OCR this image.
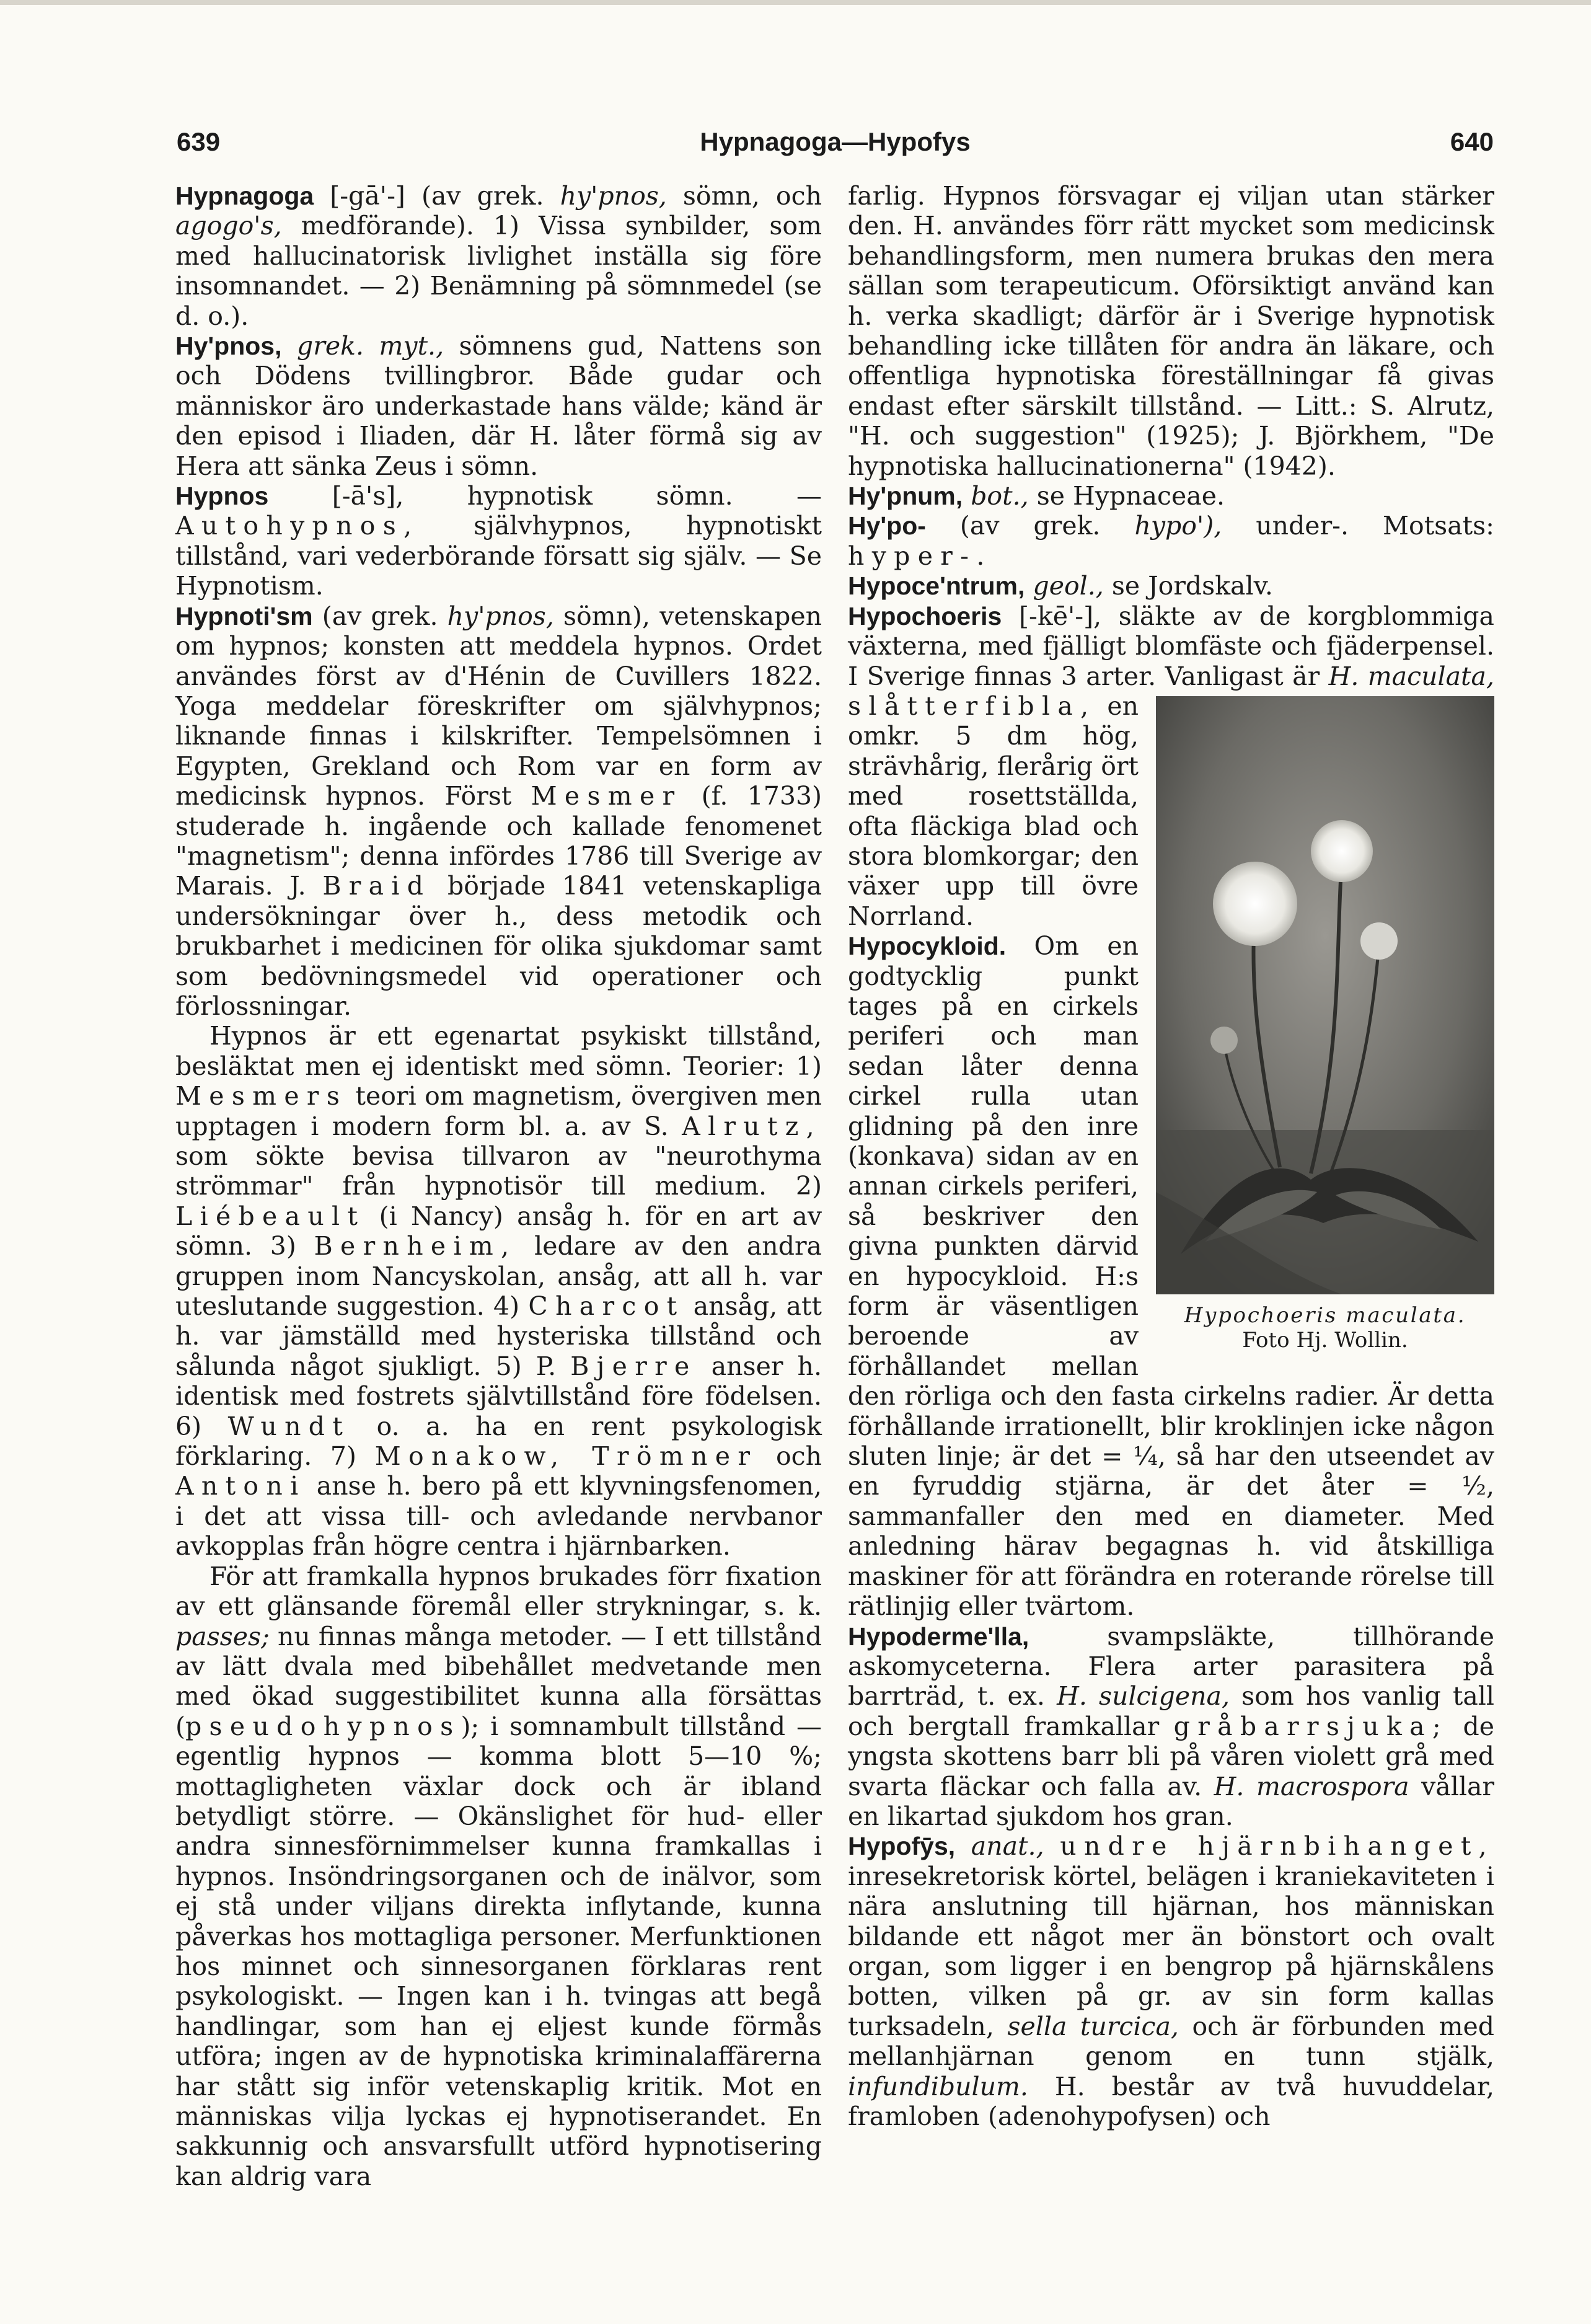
639	Hypnagoga—Hypofys	640

Hypnagoga [-gā'-] (av grek. hy'pnos, sömn, och agogo's, medförande). 1) Vissa synbilder, som med hallucinatorisk livlighet inställa sig före insomnandet. — 2) Benämning på sömnmedel (se d. o.).

Hy'pnos, grek. myt., sömnens gud, Nattens son och Dödens tvillingbror. Både gudar och människor äro underkastade hans välde; känd är den episod i Iliaden, där H. låter förmå sig av Hera att sänka Zeus i sömn.

Hypnos [-ā's], hypnotisk sömn. — Autohypnos, självhypnos, hypnotiskt tillstånd, vari vederbörande försatt sig själv. — Se Hypnotism.

Hypnoti'sm (av grek. hy'pnos, sömn), vetenskapen om hypnos; konsten att meddela hypnos. Ordet användes först av d'Hénin de Cuvillers 1822. Yoga meddelar föreskrifter om självhypnos; liknande finnas i kilskrifter. Tempelsömnen i Egypten, Grekland och Rom var en form av medicinsk hypnos. Först Mesmer (f. 1733) studerade h. ingående och kallade fenomenet "magnetism"; denna infördes 1786 till Sverige av Marais. J. Braid började 1841 vetenskapliga undersökningar över h., dess metodik och brukbarhet i medicinen för olika sjukdomar samt som bedövningsmedel vid operationer och förlossningar.

Hypnos är ett egenartat psykiskt tillstånd, besläktat men ej identiskt med sömn. Teorier: 1) Mesmers teori om magnetism, övergiven men upptagen i modern form bl. a. av S. Alrutz, som sökte bevisa tillvaron av "neurothyma strömmar" från hypnotisör till medium. 2) Liébeault (i Nancy) ansåg h. för en art av sömn. 3) Bernheim, ledare av den andra gruppen inom Nancyskolan, ansåg, att all h. var uteslutande suggestion. 4) Charcot ansåg, att h. var jämställd med hysteriska tillstånd och sålunda något sjukligt. 5) P. Bjerre anser h. identisk med fostrets självtillstånd före födelsen. 6) Wundt o. a. ha en rent psykologisk förklaring. 7) Monakow, Trömner och Antoni anse h. bero på ett klyvningsfenomen, i det att vissa till- och avledande nervbanor avkopplas från högre centra i hjärnbarken.

För att framkalla hypnos brukades förr fixation av ett glänsande föremål eller strykningar, s. k. passes; nu finnas många metoder. — I ett tillstånd av lätt dvala med bibehållet medvetande men med ökad suggestibilitet kunna alla försättas (pseudohypnos); i somnambult tillstånd — egentlig hypnos — komma blott 5—10 %; mottagligheten växlar dock och är ibland betydligt större. — Okänslighet för hud- eller andra sinnesförnimmelser kunna framkallas i hypnos. Insöndringsorganen och de inälvor, som ej stå under viljans direkta inflytande, kunna påverkas hos mottagliga personer. Merfunktionen hos minnet och sinnesorganen förklaras rent psykologiskt. — Ingen kan i h. tvingas att begå handlingar, som han ej eljest kunde förmås utföra; ingen av de hypnotiska kriminalaffärerna har stått sig inför vetenskaplig kritik. Mot en människas vilja lyckas ej hypnotiserandet. En sakkunnig och ansvarsfullt utförd hypnotisering kan aldrig vara

farlig. Hypnos försvagar ej viljan utan stärker den. H. användes förr rätt mycket som medicinsk behandlingsform, men numera brukas den mera sällan som terapeuticum. Oförsiktigt använd kan h. verka skadligt; därför är i Sverige hypnotisk behandling icke tillåten för andra än läkare, och offentliga hypnotiska föreställningar få givas endast efter särskilt tillstånd. — Litt.: S. Alrutz, "H. och suggestion" (1925); J. Björkhem, "De hypnotiska hallucinationerna" (1942).

Hy'pnum, bot., se Hypnaceae.

Hy'po- (av grek. hypo'), under-. Motsats: hyper-.

Hypoce'ntrum, geol., se Jordskalv.

Hypochoeris [-kē'-], släkte av de korgblommiga växterna, med fjälligt blomfäste och fjäderpensel. I Sverige finnas 3 arter. Vanligast är H. maculata,
Hypochoeris maculata.
Foto Hj. Wollin.
slåtterfibla, en omkr. 5 dm hög, strävhårig, flerårig ört med rosettställda, ofta fläckiga blad och stora blomkorgar; den växer upp till övre Norrland.

Hypocykloid. Om en godtycklig punkt tages på en cirkels periferi och man sedan låter denna cirkel rulla utan glidning på den inre (konkava) sidan av en annan cirkels periferi, så beskriver den givna punkten därvid en hypocykloid. H:s form är väsentligen beroende av förhållandet mellan den rörliga och den fasta cirkelns radier. Är detta förhållande irrationellt, blir kroklinjen icke någon sluten linje; är det = ¼, så har den utseendet av en fyruddig stjärna, är det åter = ½, sammanfaller den med en diameter. Med anledning härav begagnas h. vid åtskilliga maskiner för att förändra en roterande rörelse till rätlinjig eller tvärtom.

Hypoderme'lla, svampsläkte, tillhörande askomyceterna. Flera arter parasitera på barrträd, t. ex. H. sulcigena, som hos vanlig tall och bergtall framkallar gråbarrsjuka; de yngsta skottens barr bli på våren violett grå med svarta fläckar och falla av. H. macrospora vållar en likartad sjukdom hos gran.

Hypofȳs, anat., undre hjärnbihanget, inresekretorisk körtel, belägen i kraniekaviteten i nära anslutning till hjärnan, hos människan bildande ett något mer än bönstort och ovalt organ, som ligger i en bengrop på hjärnskålens botten, vilken på gr. av sin form kallas turksadeln, sella turcica, och är förbunden med mellanhjärnan genom en tunn stjälk, infundibulum. H. består av två huvuddelar, framloben (adenohypofysen) och
